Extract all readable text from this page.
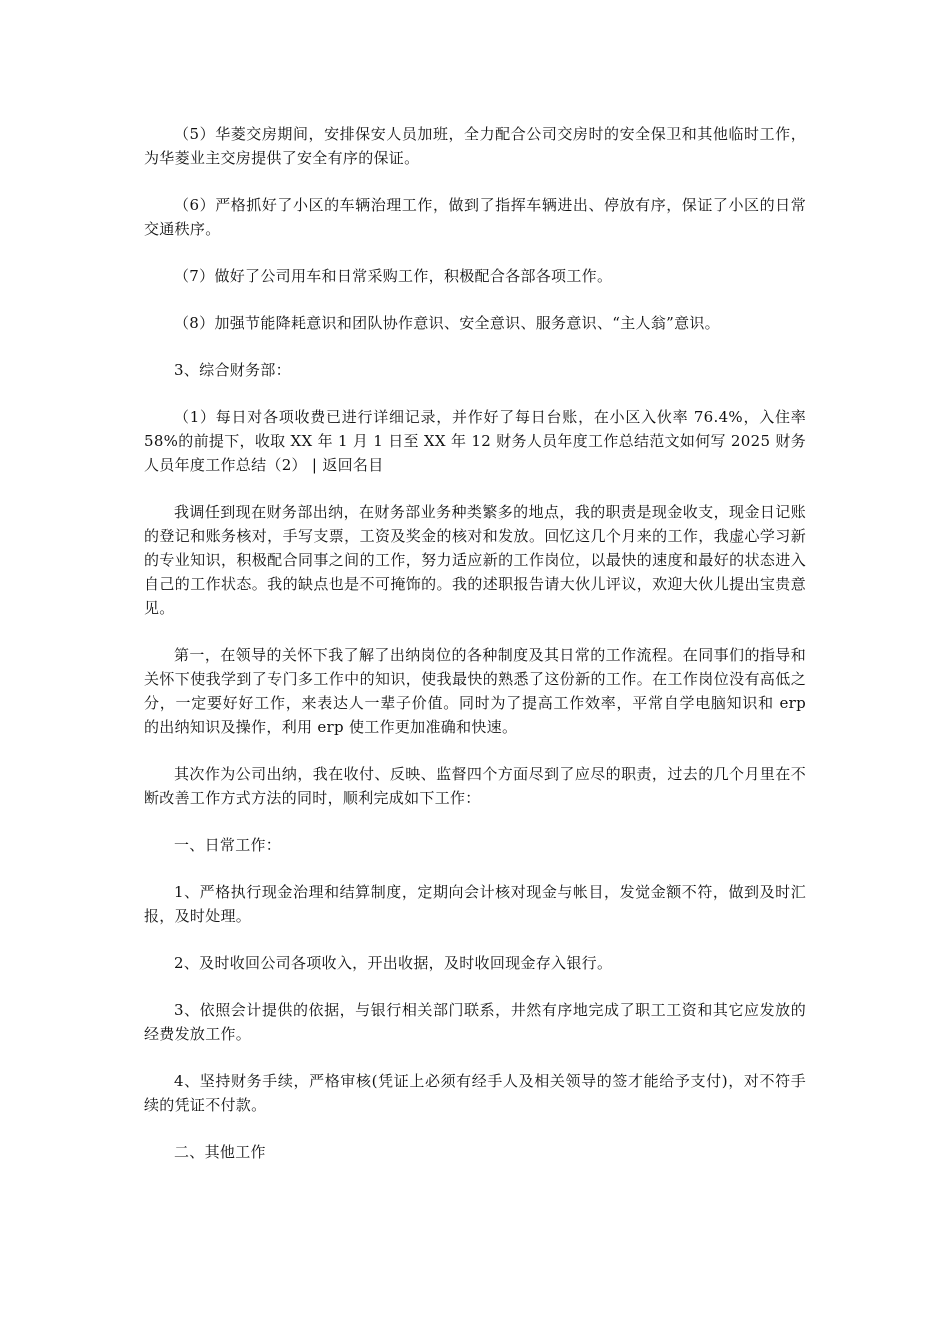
（5）华菱交房期间，安排保安人员加班，全力配合公司交房时的安全保卫和其他临时工作，为华菱业主交房提供了安全有序的保证。

（6）严格抓好了小区的车辆治理工作，做到了指挥车辆进出、停放有序，保证了小区的日常交通秩序。

（7）做好了公司用车和日常采购工作，积极配合各部各项工作。

（8）加强节能降耗意识和团队协作意识、安全意识、服务意识、“主人翁”意识。

3、综合财务部：

（1）每日对各项收费已进行详细记录，并作好了每日台账，在小区入伙率 76.4%，入住率 58%的前提下，收取 XX 年 1 月 1 日至 XX 年 12 财务人员年度工作总结范文如何写 2025 财务人员年度工作总结（2） | 返回名目

我调任到现在财务部出纳，在财务部业务种类繁多的地点，我的职责是现金收支，现金日记账的登记和账务核对，手写支票，工资及奖金的核对和发放。回忆这几个月来的工作，我虚心学习新的专业知识，积极配合同事之间的工作，努力适应新的工作岗位，以最快的速度和最好的状态进入自己的工作状态。我的缺点也是不可掩饰的。我的述职报告请大伙儿评议，欢迎大伙儿提出宝贵意见。

第一，在领导的关怀下我了解了出纳岗位的各种制度及其日常的工作流程。在同事们的指导和关怀下使我学到了专门多工作中的知识，使我最快的熟悉了这份新的工作。在工作岗位没有高低之分，一定要好好工作，来表达人一辈子价值。同时为了提高工作效率，平常自学电脑知识和 erp 的出纳知识及操作，利用 erp 使工作更加准确和快速。

其次作为公司出纳，我在收付、反映、监督四个方面尽到了应尽的职责，过去的几个月里在不断改善工作方式方法的同时，顺利完成如下工作：

一、日常工作：

1、严格执行现金治理和结算制度，定期向会计核对现金与帐目，发觉金额不符，做到及时汇报，及时处理。

2、及时收回公司各项收入，开出收据，及时收回现金存入银行。

3、依照会计提供的依据，与银行相关部门联系，井然有序地完成了职工工资和其它应发放的经费发放工作。

4、坚持财务手续，严格审核(凭证上必须有经手人及相关领导的签才能给予支付)，对不符手续的凭证不付款。

二、其他工作
